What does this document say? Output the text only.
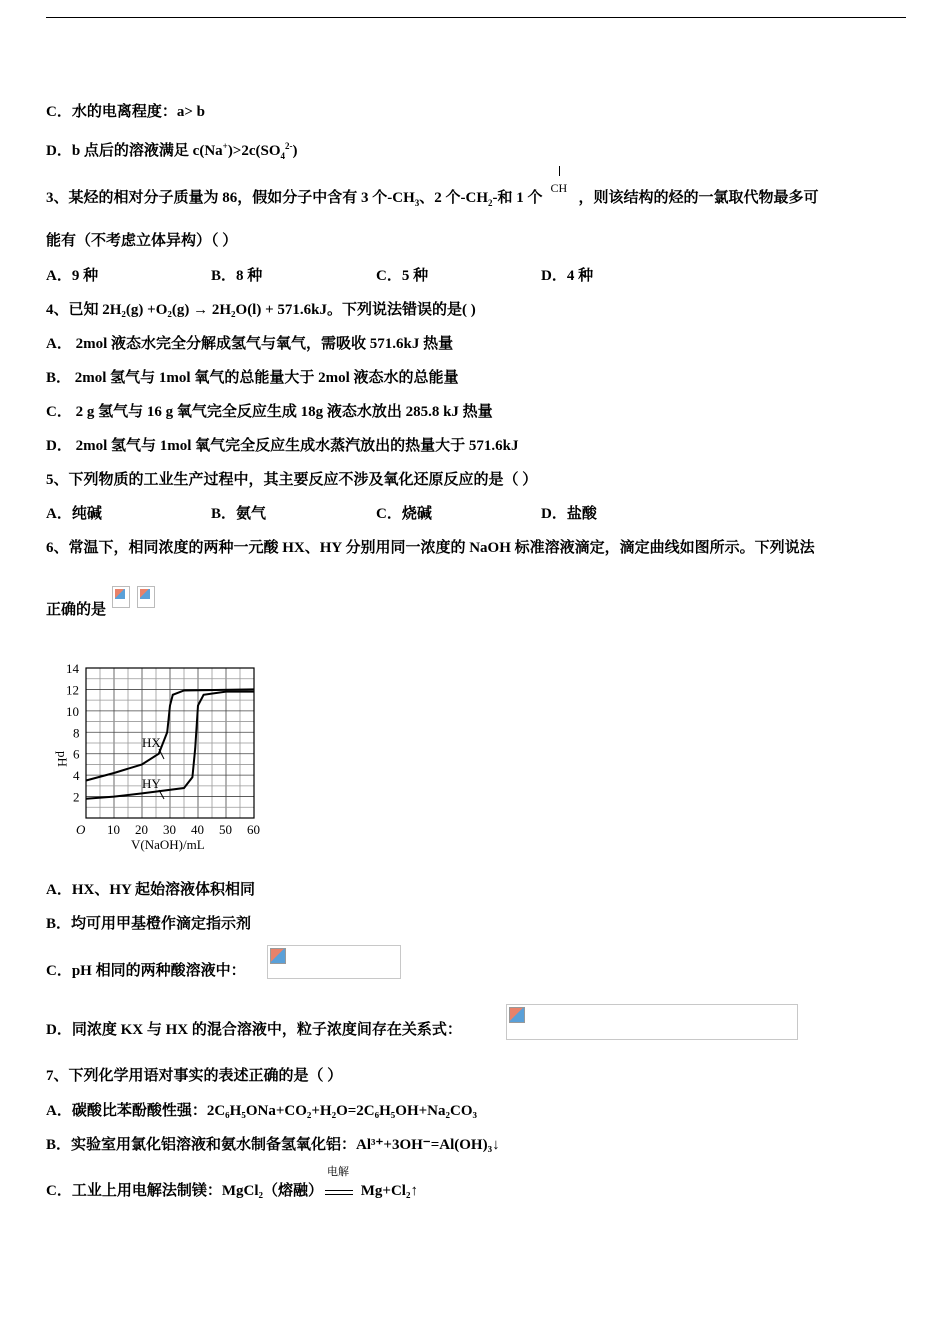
C．水的电离程度：a> b
D．b 点后的溶液满足 $c(Na^+)>2c(SO_4^{2-})$
3、某烃的相对分子质量为 86，假如分子中含有 3 个$-CH_3$、2 个$-CH_2-$和 1 个
CH
，则该结构的烃的一氯取代物最多可
能有（不考虑立体异构）（ ）
A．9 种	B．8 种	C．5 种	D．4 种
4、已知 2H₂(g) +O₂(g) → 2H₂O(l) + 571.6kJ。下列说法错误的是( )
A． 2mol 液态水完全分解成氢气与氧气，需吸收 571.6kJ 热量
B． 2mol 氢气与 1mol 氧气的总能量大于 2mol 液态水的总能量
C． 2 g 氢气与 16 g 氧气完全反应生成 18g 液态水放出 285.8 kJ 热量
D． 2mol 氢气与 1mol 氧气完全反应生成水蒸汽放出的热量大于 571.6kJ
5、下列物质的工业生产过程中，其主要反应不涉及氧化还原反应的是（ ）
A．纯碱	B．氨气	C．烧碱	D．盐酸
6、常温下，相同浓度的两种一元酸 HX、HY 分别用同一浓度的 NaOH 标准溶液滴定，滴定曲线如图所示。下列说法
正确的是
O 10 20 30 40 50 60
2
4
6
8
10
12
14
V(NaOH)/mL
pH
HX
HY
A．HX、HY 起始溶液体积相同
B．均可用甲基橙作滴定指示剂
C．pH 相同的两种酸溶液中：
D．同浓度 KX 与 HX 的混合溶液中，粒子浓度间存在关系式：
7、下列化学用语对事实的表述正确的是（ ）
A．碳酸比苯酚酸性强：2C₆H₅ONa+CO₂+H₂O=2C₆H₅OH+Na₂CO₃
B．实验室用氯化铝溶液和氨水制备氢氧化铝：Al³⁺+3OH⁻=Al(OH)₃↓
C．工业上用电解法制镁：MgCl₂（熔融）
电解
Mg+Cl₂↑
